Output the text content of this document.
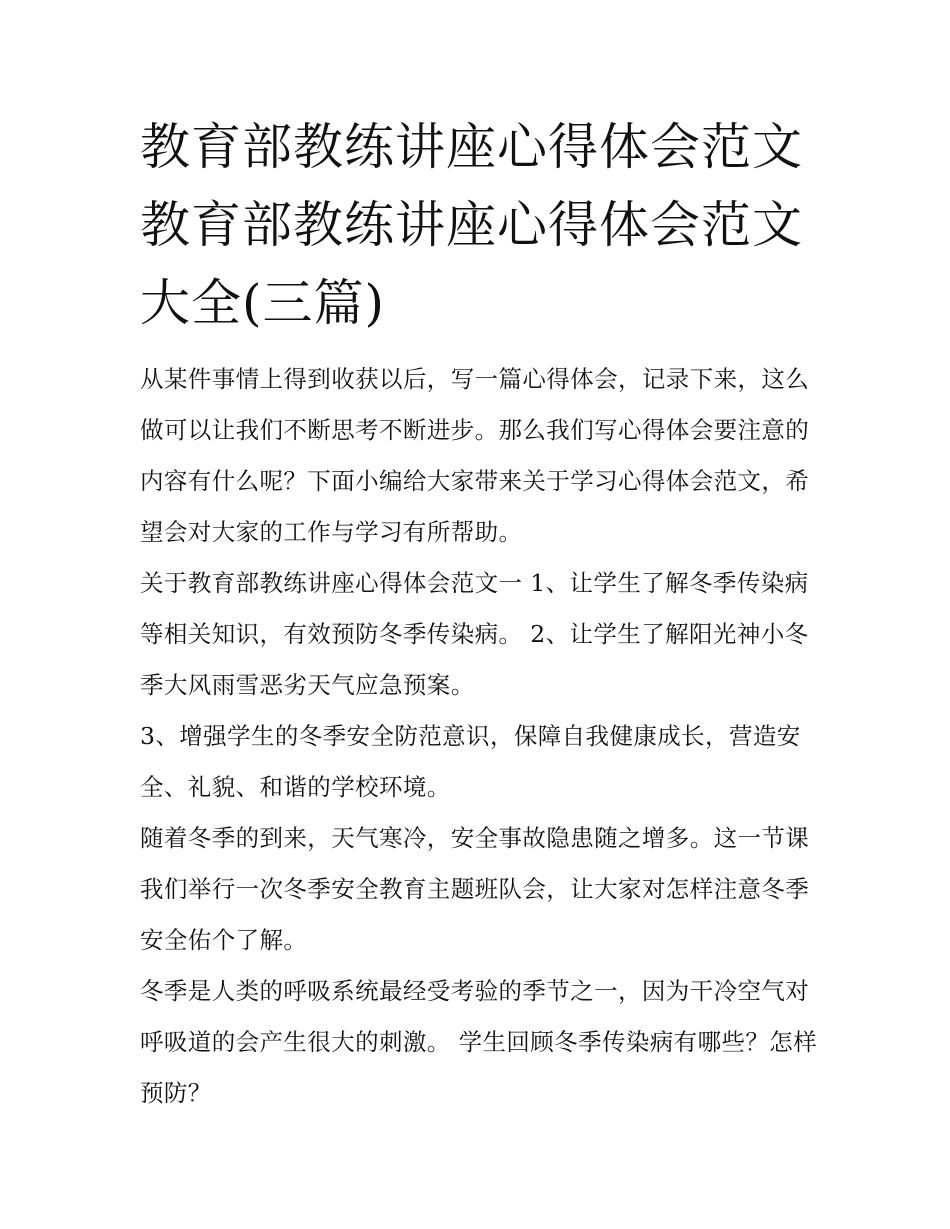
教育部教练讲座心得体会范文
教育部教练讲座心得体会范文
大全(三篇)

从某件事情上得到收获以后，写一篇心得体会，记录下来，这么做可以让我们不断思考不断进步。那么我们写心得体会要注意的内容有什么呢？下面小编给大家带来关于学习心得体会范文，希望会对大家的工作与学习有所帮助。

关于教育部教练讲座心得体会范文一 1、让学生了解冬季传染病等相关知识，有效预防冬季传染病。 2、让学生了解阳光神小冬季大风雨雪恶劣天气应急预案。

3、增强学生的冬季安全防范意识，保障自我健康成长，营造安全、礼貌、和谐的学校环境。

随着冬季的到来，天气寒冷，安全事故隐患随之增多。这一节课我们举行一次冬季安全教育主题班队会，让大家对怎样注意冬季安全佑个了解。

冬季是人类的呼吸系统最经受考验的季节之一，因为干冷空气对呼吸道的会产生很大的刺激。 学生回顾冬季传染病有哪些？怎样预防？
